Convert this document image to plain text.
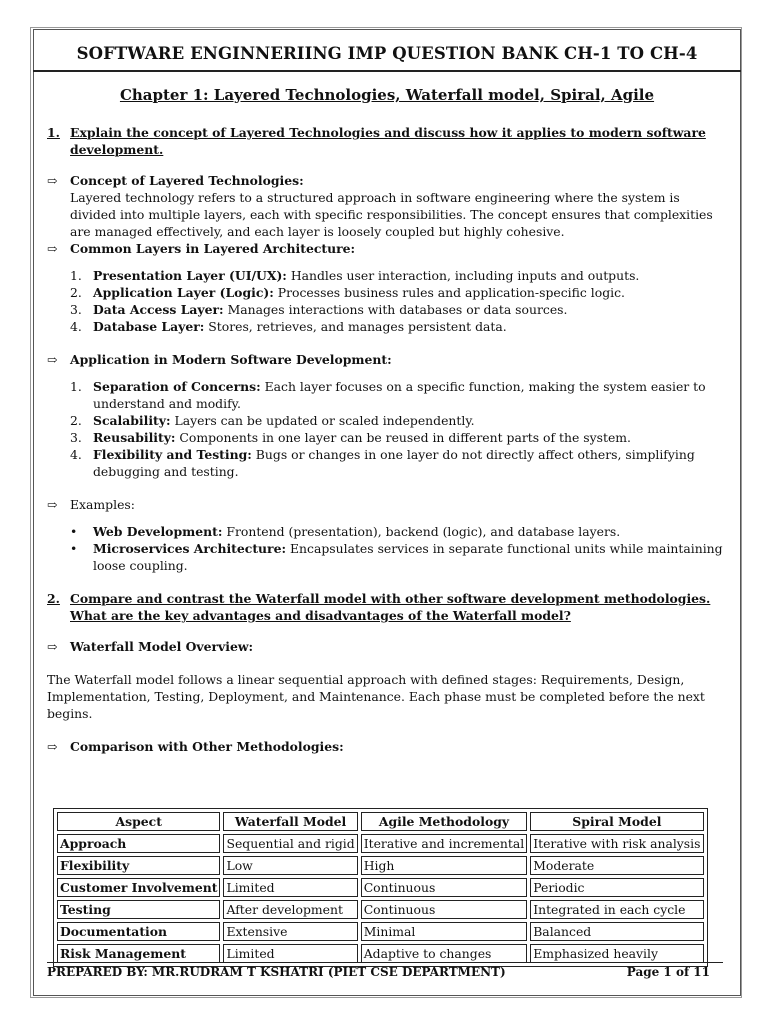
SOFTWARE ENGINNERIING IMP QUESTION BANK CH-1 TO CH-4
Chapter 1: Layered Technologies, Waterfall model, Spiral, Agile
1. Explain the concept of Layered Technologies and discuss how it applies to modern software development.
⇨	Concept of Layered Technologies:
Layered technology refers to a structured approach in software engineering where the system is divided into multiple layers, each with specific responsibilities. The concept ensures that complexities are managed effectively, and each layer is loosely coupled but highly cohesive.
⇨	Common Layers in Layered Architecture:
1. Presentation Layer (UI/UX): Handles user interaction, including inputs and outputs.
2. Application Layer (Logic): Processes business rules and application-specific logic.
3. Data Access Layer: Manages interactions with databases or data sources.
4. Database Layer: Stores, retrieves, and manages persistent data.
⇨	Application in Modern Software Development:
1. Separation of Concerns: Each layer focuses on a specific function, making the system easier to understand and modify.
2. Scalability: Layers can be updated or scaled independently.
3. Reusability: Components in one layer can be reused in different parts of the system.
4. Flexibility and Testing: Bugs or changes in one layer do not directly affect others, simplifying debugging and testing.
⇨	Examples:
•	Web Development: Frontend (presentation), backend (logic), and database layers.
•	Microservices Architecture: Encapsulates services in separate functional units while maintaining loose coupling.
2. Compare and contrast the Waterfall model with other software development methodologies. What are the key advantages and disadvantages of the Waterfall model?
⇨	Waterfall Model Overview:
The Waterfall model follows a linear sequential approach with defined stages: Requirements, Design, Implementation, Testing, Deployment, and Maintenance. Each phase must be completed before the next begins.
⇨	Comparison with Other Methodologies:
Aspect	Waterfall Model	Agile Methodology	Spiral Model
Approach	Sequential and rigid	Iterative and incremental	Iterative with risk analysis
Flexibility	Low	High	Moderate
Customer Involvement	Limited	Continuous	Periodic
Testing	After development	Continuous	Integrated in each cycle
Documentation	Extensive	Minimal	Balanced
Risk Management	Limited	Adaptive to changes	Emphasized heavily
PREPARED BY: MR.RUDRAM T KSHATRI (PIET CSE DEPARTMENT)	Page 1 of 11
